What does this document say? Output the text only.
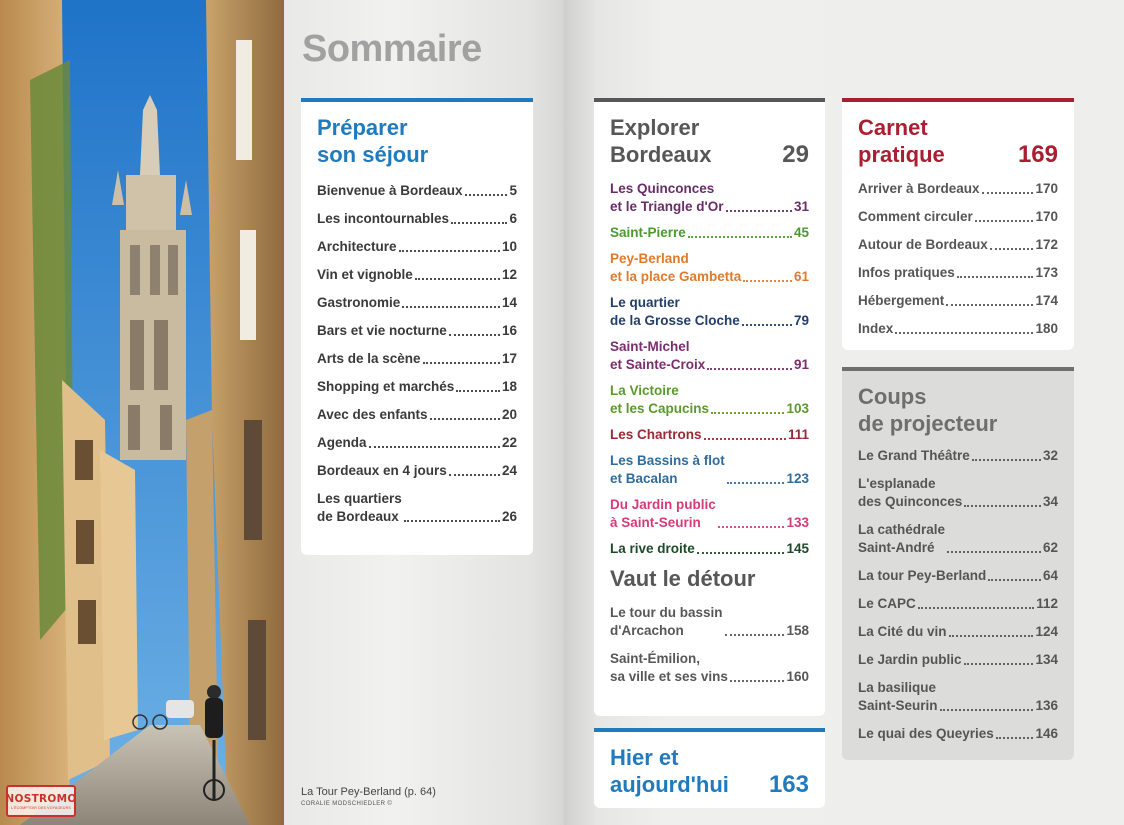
NOSTROMO
L'ÉCOMPTOIR DES VOYAGEURS
Sommaire
La Tour Pey-Berland (p. 64)
CORALIE MODSCHIEDLER ©
Préparer
son séjour
Bienvenue à Bordeaux	5
Les incontournables	6
Architecture	10
Vin et vignoble	12
Gastronomie	14
Bars et vie nocturne	16
Arts de la scène	17
Shopping et marchés	18
Avec des enfants	20
Agenda	22
Bordeaux en 4 jours	24
Les quartiers
de Bordeaux	26
Explorer
Bordeaux	29
Les Quinconces
et le Triangle d'Or	31
Saint-Pierre	45
Pey-Berland
et la place Gambetta	61
Le quartier
de la Grosse Cloche	79
Saint-Michel
et Sainte-Croix	91
La Victoire
et les Capucins	103
Les Chartrons	111
Les Bassins à flot
et Bacalan	123
Du Jardin public
à Saint-Seurin	133
La rive droite	145
Vaut le détour
Le tour du bassin
d'Arcachon	158
Saint-Émilion,
sa ville et ses vins	160
Hier et
aujourd'hui 163
Carnet
pratique	169
Arriver à Bordeaux	170
Comment circuler	170
Autour de Bordeaux	172
Infos pratiques	173
Hébergement	174
Index	180
Coups
de projecteur
Le Grand Théâtre	32
L'esplanade
des Quinconces	34
La cathédrale
Saint-André	62
La tour Pey-Berland	64
Le CAPC	112
La Cité du vin	124
Le Jardin public	134
La basilique
Saint-Seurin	136
Le quai des Queyries	146
